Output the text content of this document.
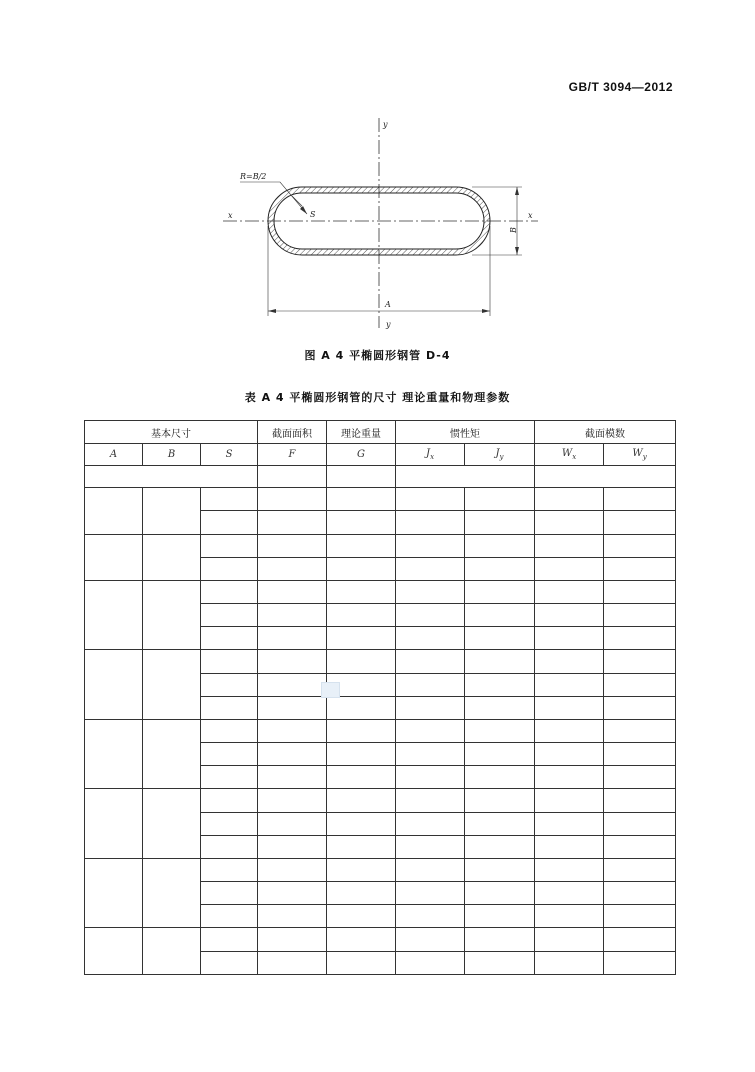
GB/T 3094—2012
y
y
x	x
R=B/2
S
A
B
图 A 4 平椭圆形钢管 D-4
表 A 4 平椭圆形钢管的尺寸 理论重量和物理参数
基本尺寸			截面面积	理论重量	惯性矩		截面模数	
A	B	S	F	G	$J_x$	$J_y$	$W_x$	$W_y$
